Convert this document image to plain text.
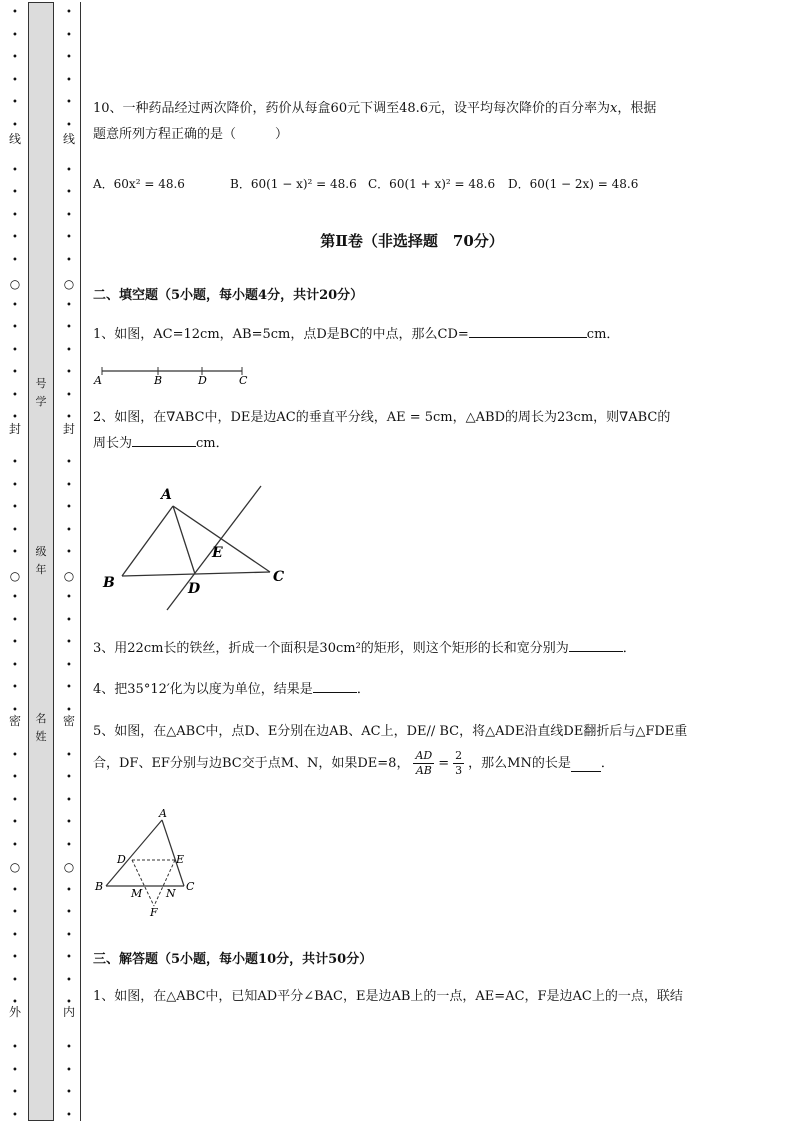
•
•
•
•
•
•
•
•
•
•
•
•
•
•
•
•
•
•
•
•
•
•
•
•
•
•
•
•
•
•
•
•
•
•
•
•
•
•
•
•
•
•
•
线
○
封
○
密
○
外
•
•
•
•
•
•
•
•
•
•
•
•
•
•
•
•
•
•
•
•
•
•
•
•
•
•
•
•
•
•
•
•
•
•
•
•
•
•
•
•
•
•
•
线
○
封
○
密
○
内
号
学
级
年
名
姓
10、一种药品经过两次降价，药价从每盒60元下调至48.6元，设平均每次降价的百分率为x，根据
题意所列方程正确的是（　　　）
A．60x² = 48.6	B．60(1 − x)² = 48.6 C．60(1 + x)² = 48.6 D．60(1 − 2x) = 48.6
第Ⅱ卷（非选择题　70分）
二、填空题（5小题，每小题4分，共计20分）
1、如图，AC=12cm，AB=5cm，点D是BC的中点，那么CD=	cm．
A	B	D	C
2、如图，在∇ABC中，DE是边AC的垂直平分线，AE = 5cm，△ABD的周长为23cm，则∇ABC的
周长为	cm．
A
E
B	D
C
3、用22cm长的铁丝，折成一个面积是30cm²的矩形，则这个矩形的长和宽分别为	．
4、把35°12′化为以度为单位，结果是	．
5、如图，在△ABC中，点D、E分别在边AB、AC上，DE// BC，将△ADE沿直线DE翻折后与△FDE重
合，DF、EF分别与边BC交于点M、N，如果DE=8， $\frac{AD}{AB} = \frac{2}{3}$ ，那么MN的长是 ．
A
D	E
B
M N
C
F
三、解答题（5小题，每小题10分，共计50分）
1、如图，在△ABC中，已知AD平分∠BAC，E是边AB上的一点，AE=AC，F是边AC上的一点，联结
